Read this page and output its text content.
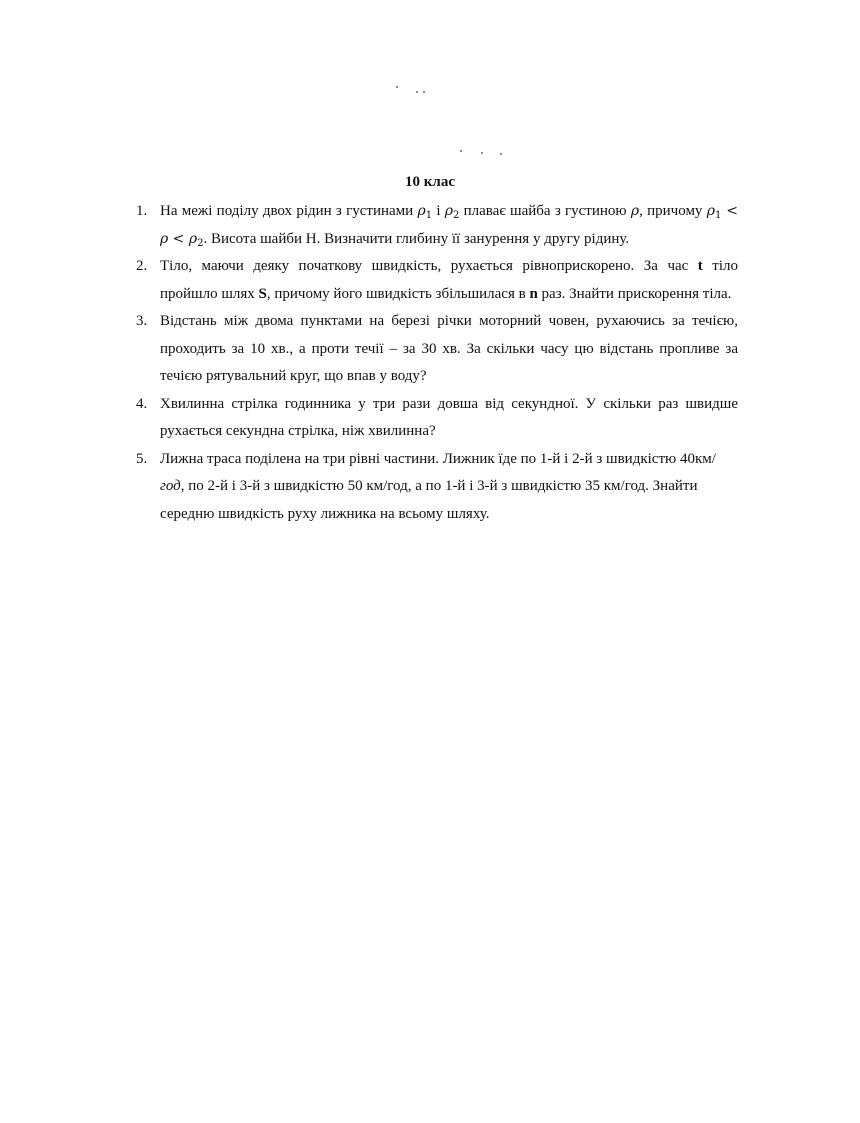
10 клас
1. На межі поділу двох рідин з густинами $\rho_1$ і $\rho_2$ плаває шайба з густиною ρ, причому $\rho_1 < \rho < \rho_2$. Висота шайби H. Визначити глибину її занурення у другу рідину.
2. Тіло, маючи деяку початкову швидкість, рухається рівноприскорено. За час t тіло пройшло шлях S, причому його швидкість збільшилася в n раз. Знайти прискорення тіла.
3. Відстань між двома пунктами на березі річки моторний човен, рухаючись за течією, проходить за 10 хв., а проти течії – за 30 хв. За скільки часу цю відстань пропливе за течією рятувальний круг, що впав у воду?
4. Хвилинна стрілка годинника у три рази довша від секундної. У скільки раз швидше рухається секундна стрілка, ніж хвилинна?
5. Лижна траса поділена на три рівні частини. Лижник їде по 1-й і 2-й з швидкістю 40км/год, по 2-й і 3-й з швидкістю 50 км/год, а по 1-й і 3-й з швидкістю 35 км/год. Знайти середню швидкість руху лижника на всьому шляху.
